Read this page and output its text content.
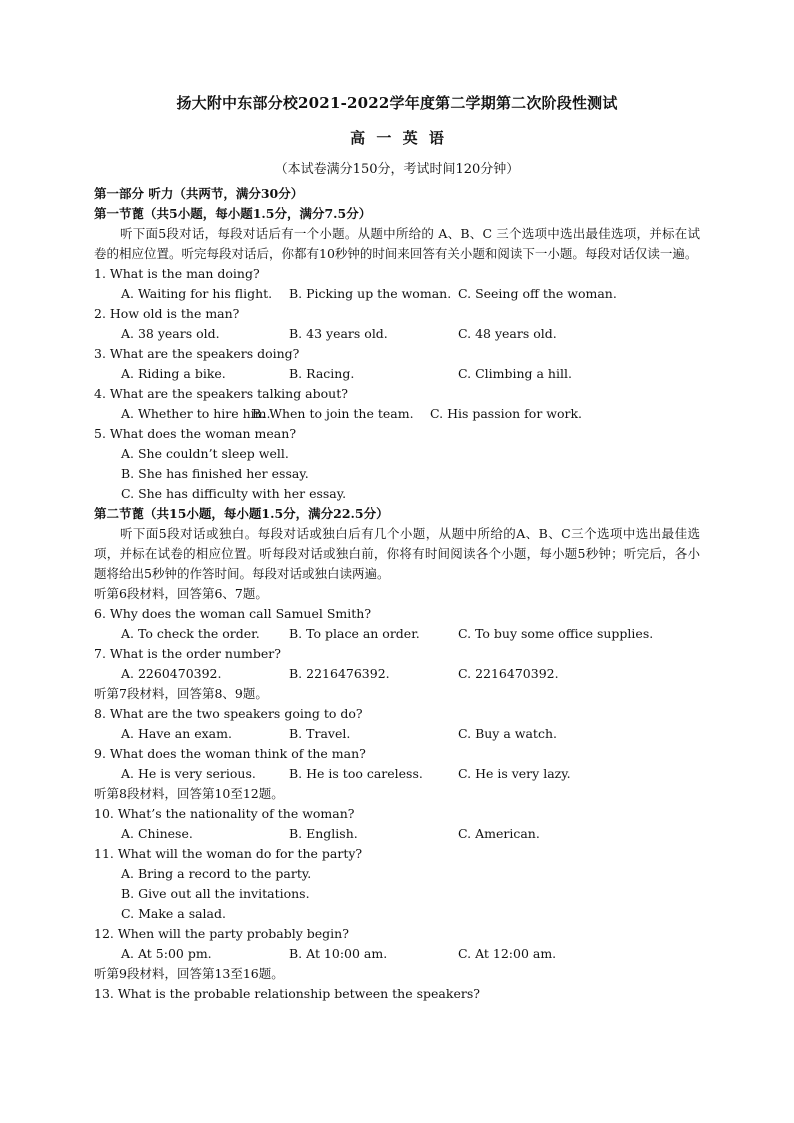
扬大附中东部分校2021-2022学年度第二学期第二次阶段性测试
高 一 英 语
（本试卷满分150分，考试时间120分钟）
第一部分 听力（共两节，满分30分）
第一节蓖（共5小题，每小题1.5分，满分7.5分）
听下面5段对话，每段对话后有一个小题。从题中所给的 A、B、C 三个选项中选出最佳选项，并标在试卷的相应位置。听完每段对话后，你都有10秒钟的时间来回答有关小题和阅读下一小题。每段对话仅读一遍。
1. What is the man doing?
A. Waiting for his flight. B. Picking up the woman. C. Seeing off the woman.
2. How old is the man?
A. 38 years old.	B. 43 years old.	C. 48 years old.
3. What are the speakers doing?
A. Riding a bike.	B. Racing.	C. Climbing a hill.
4. What are the speakers talking about?
A. Whether to hire him.
B. When to join the team. C. His passion for work.
5. What does the woman mean?
A. She couldn’t sleep well.
B. She has finished her essay.
C. She has difficulty with her essay.
第二节蓖（共15小题，每小题1.5分，满分22.5分）
听下面5段对话或独白。每段对话或独白后有几个小题，从题中所给的A、B、C三个选项中选出最佳选项，并标在试卷的相应位置。听每段对话或独白前，你将有时间阅读各个小题，每小题5秒钟；听完后，各小题将给出5秒钟的作答时间。每段对话或独白读两遍。
听第6段材料，回答第6、7题。
6. Why does the woman call Samuel Smith?
A. To check the order. B. To place an order.	C. To buy some office supplies.
7. What is the order number?
A. 2260470392.	B. 2216476392.	C. 2216470392.
听第7段材料，回答第8、9题。
8. What are the two speakers going to do?
A. Have an exam.	B. Travel.	C. Buy a watch.
9. What does the woman think of the man?
A. He is very serious.	B. He is too careless.	C. He is very lazy.
听第8段材料，回答第10至12题。
10. What’s the nationality of the woman?
A. Chinese.	B. English.	C. American.
11. What will the woman do for the party?
A. Bring a record to the party.
B. Give out all the invitations.
C. Make a salad.
12. When will the party probably begin?
A. At 5:00 pm.	B. At 10:00 am.	C. At 12:00 am.
听第9段材料，回答第13至16题。
13. What is the probable relationship between the speakers?
